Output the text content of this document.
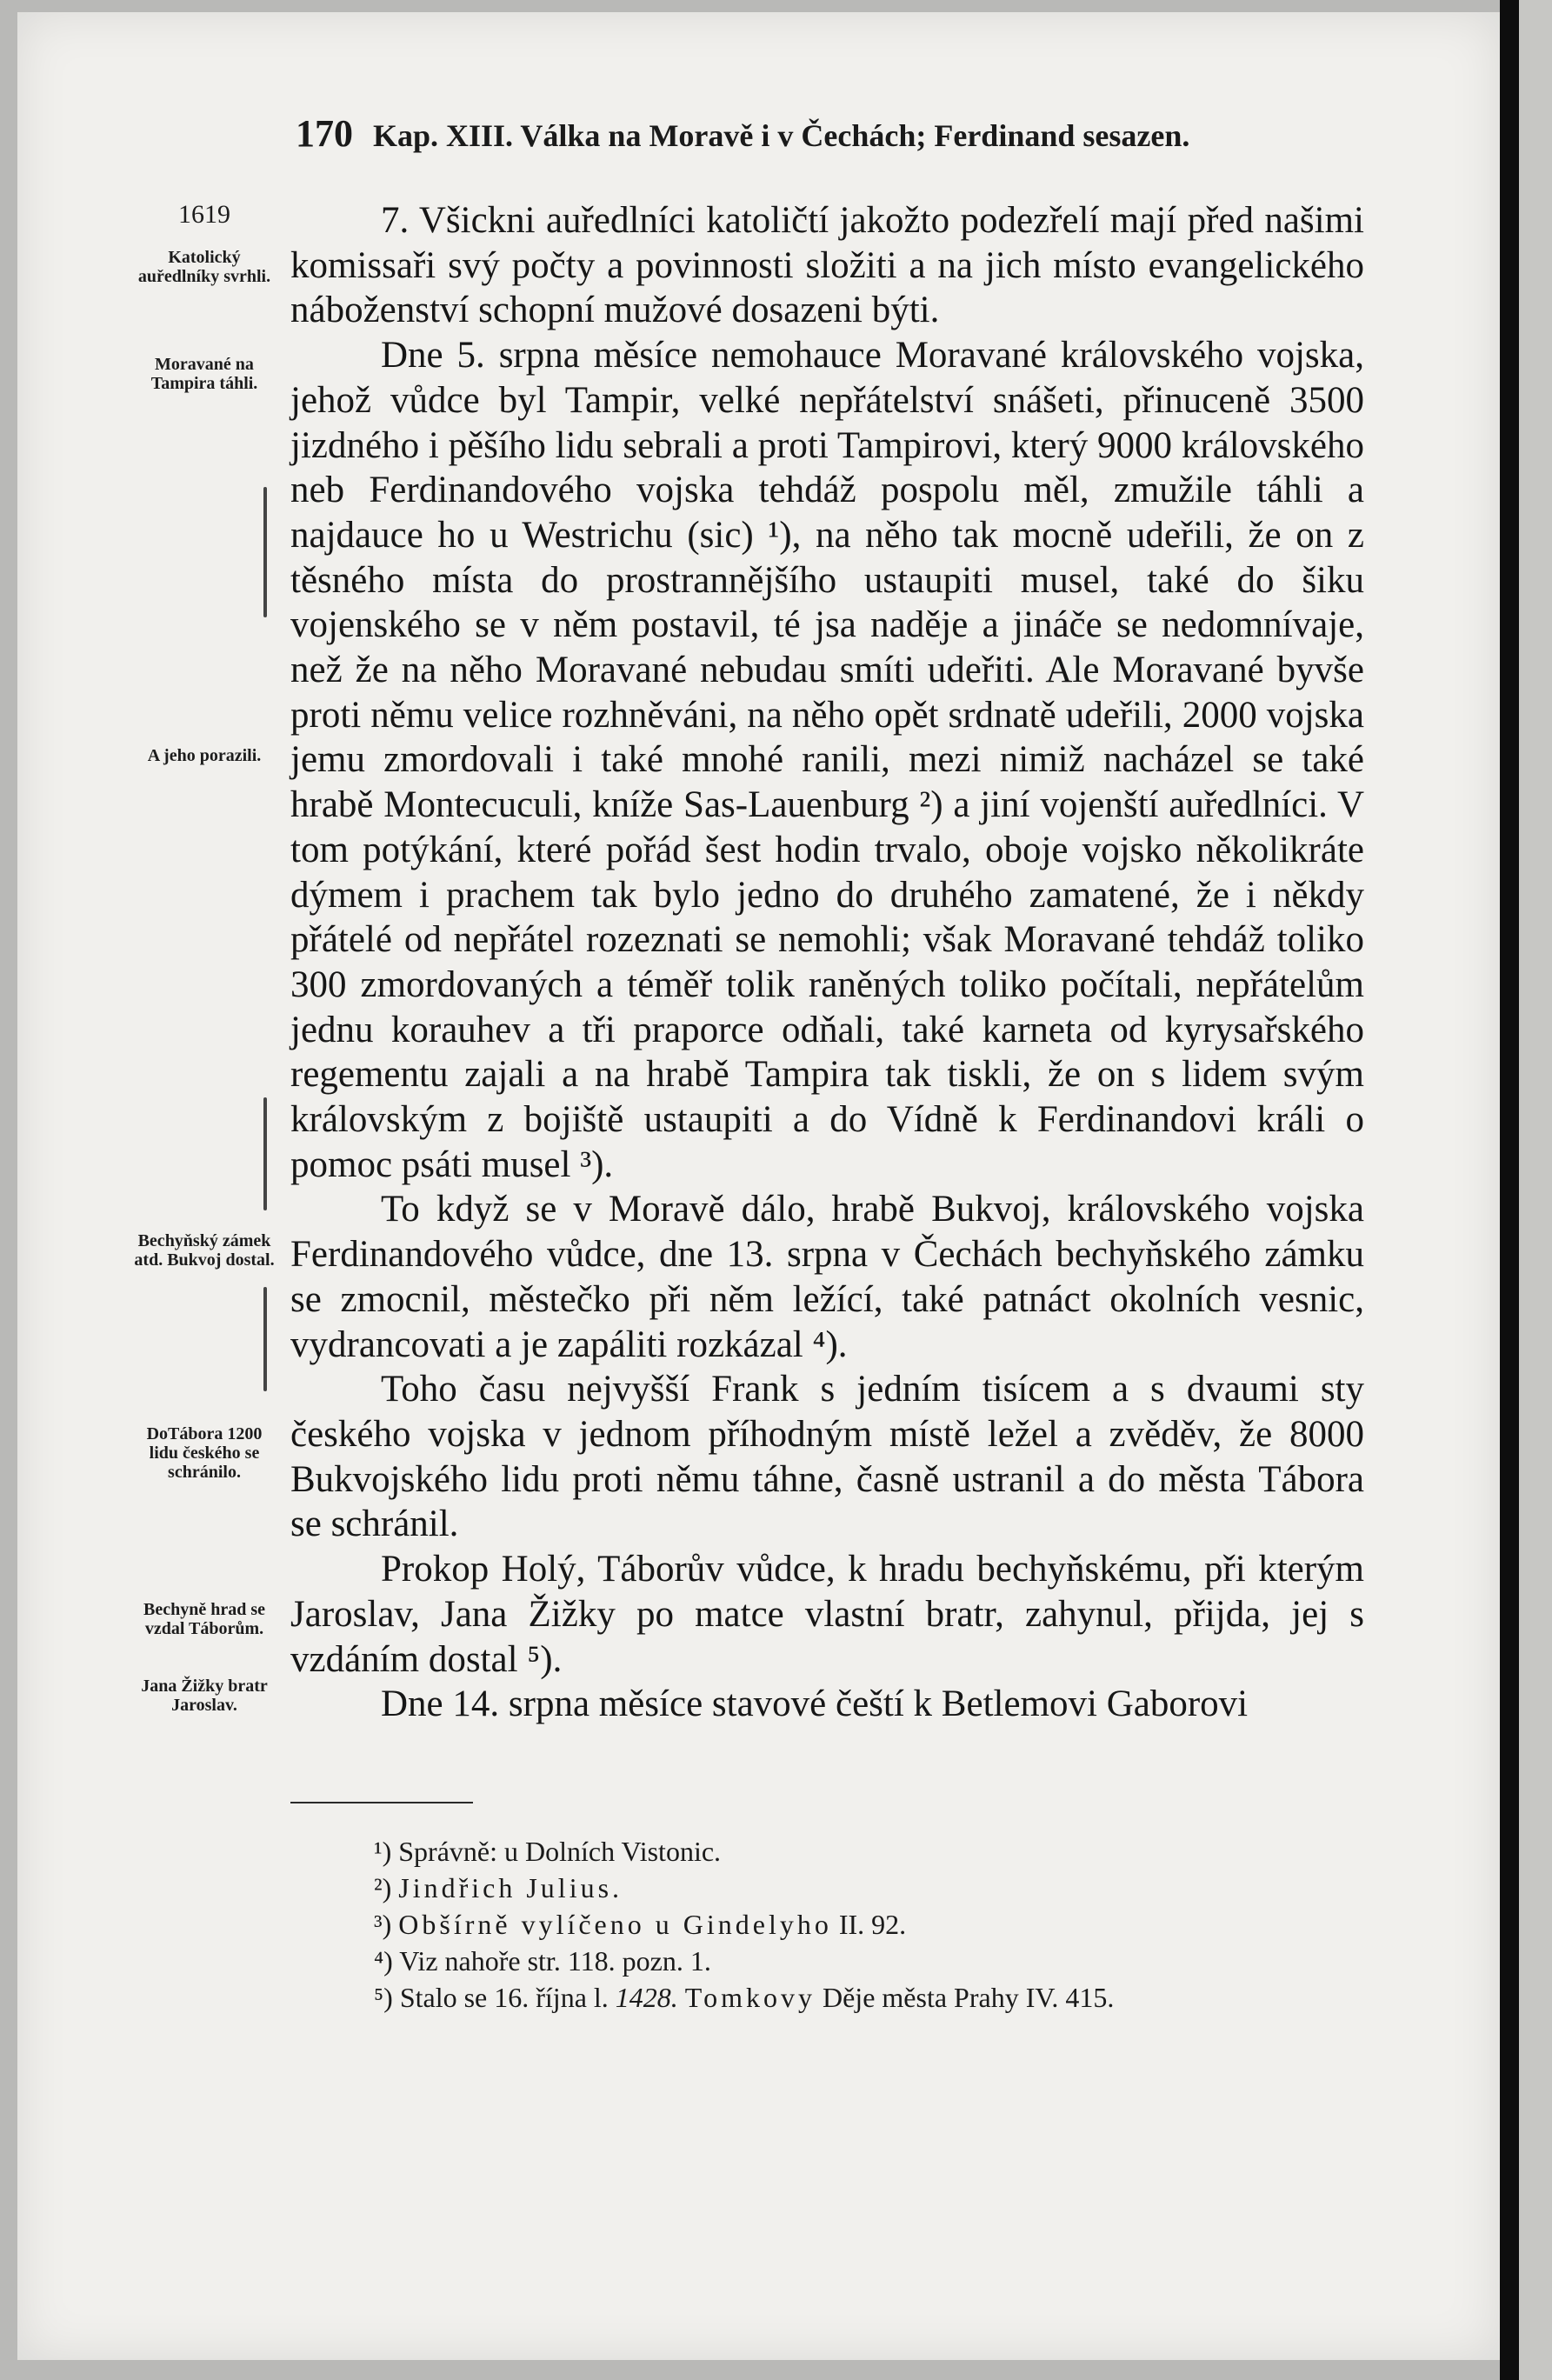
170 Kap. XIII. Válka na Moravě i v Čechách; Ferdinand sesazen.
1619
Katolický auředlníky svrhli.
Moravané na Tampira táhli.
A jeho porazili.
Bechyňský zámek atd. Bukvoj dostal.
DoTábora 1200 lidu českého se schránilo.
Bechyně hrad se vzdal Táborům.
Jana Žižky bratr Jaroslav.

7. Všickni auředlníci katoličtí jakožto podezřelí mají před našimi komissaři svý počty a povinnosti složiti a na jich místo evangelického náboženství schopní mužové dosazeni býti.

Dne 5. srpna měsíce nemohauce Moravané královského vojska, jehož vůdce byl Tampir, velké nepřátelství snášeti, přinuceně 3500 jizdného i pěšího lidu sebrali a proti Tampirovi, který 9000 královského neb Ferdinandového vojska tehdáž pospolu měl, zmužile táhli a najdauce ho u Westrichu (sic) ¹), na něho tak mocně udeřili, že on z těsného místa do prostrannějšího ustaupiti musel, také do šiku vojenského se v něm postavil, té jsa naděje a jináče se nedomnívaje, než že na něho Moravané nebudau smíti udeřiti. Ale Moravané byvše proti němu velice rozhněváni, na něho opět srdnatě udeřili, 2000 vojska jemu zmordovali i také mnohé ranili, mezi nimiž nacházel se také hrabě Montecuculi, kníže Sas-Lauenburg ²) a jiní vojenští auředlníci. V tom potýkání, které pořád šest hodin trvalo, oboje vojsko několikráte dýmem i prachem tak bylo jedno do druhého zamatené, že i někdy přátelé od nepřátel rozeznati se nemohli; však Moravané tehdáž toliko 300 zmordovaných a téměř tolik raněných toliko počítali, nepřátelům jednu korauhev a tři praporce odňali, také karneta od kyrysařského regementu zajali a na hrabě Tampira tak tiskli, že on s lidem svým královským z bojiště ustaupiti a do Vídně k Ferdinandovi králi o pomoc psáti musel ³).

To když se v Moravě dálo, hrabě Bukvoj, královského vojska Ferdinandového vůdce, dne 13. srpna v Čechách bechyňského zámku se zmocnil, městečko při něm ležící, také patnáct okolních vesnic, vydrancovati a je zapáliti rozkázal ⁴).

Toho času nejvyšší Frank s jedním tisícem a s dvaumi sty českého vojska v jednom příhodným místě ležel a zvěděv, že 8000 Bukvojského lidu proti němu táhne, časně ustranil a do města Tábora se schránil.

Prokop Holý, Táborův vůdce, k hradu bechyňskému, při kterým Jaroslav, Jana Žižky po matce vlastní bratr, zahynul, přijda, jej s vzdáním dostal ⁵).

Dne 14. srpna měsíce stavové čeští k Betlemovi Gaborovi

¹) Správně: u Dolních Vistonic.
²) Jindřich Julius.
³) Obšírně vylíčeno u Gindelyho II. 92.
⁴) Viz nahoře str. 118. pozn. 1.
⁵) Stalo se 16. října l. 1428. Tomkovy Děje města Prahy IV. 415.
